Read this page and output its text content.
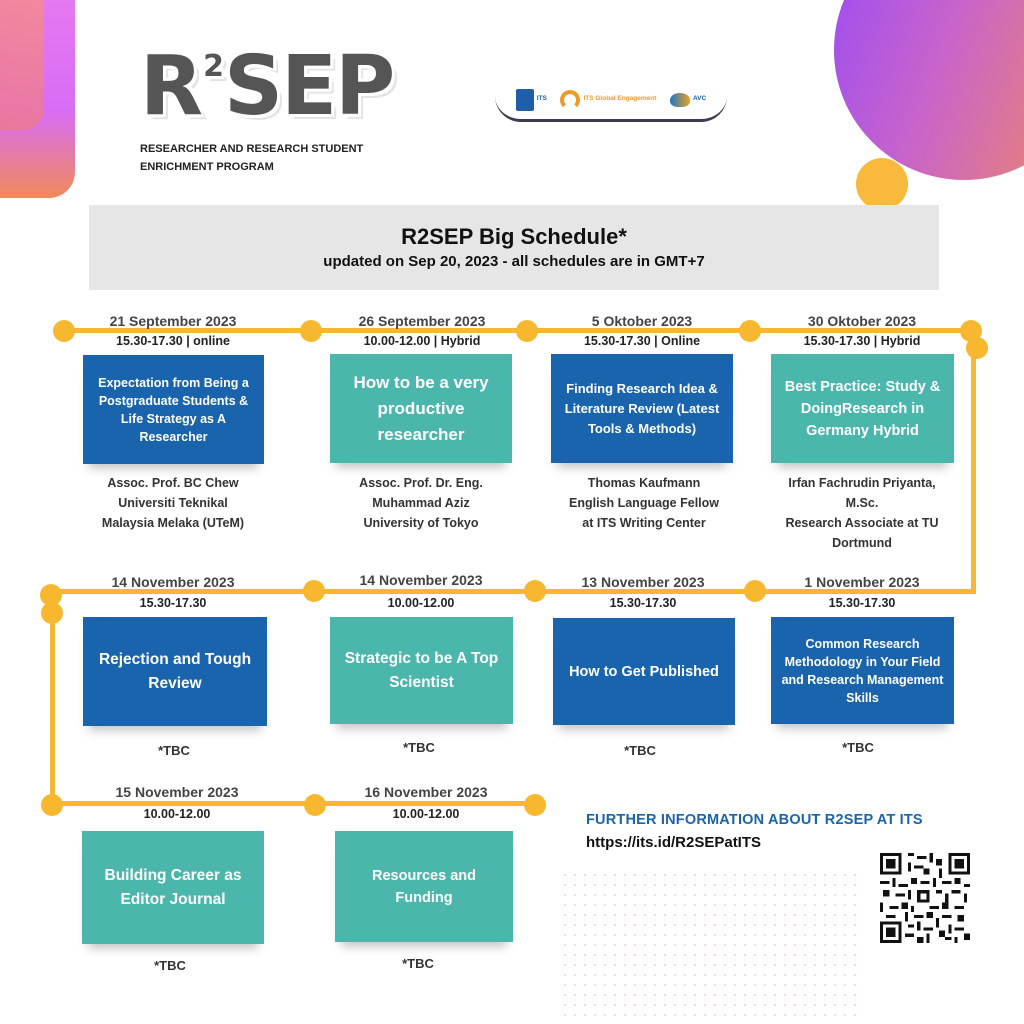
$R^2SEP$
RESEARCHER AND RESEARCH STUDENT ENRICHMENT PROGRAM
ITS	ITS Global Engagement	AVC
R2SEP Big Schedule*
updated on Sep 20, 2023 - all schedules are in GMT+7
21 September 2023
15.30-17.30 | online
Expectation from Being a Postgraduate Students & Life Strategy as A Researcher
Assoc. Prof. BC Chew
Universiti Teknikal
Malaysia Melaka (UTeM)
26 September 2023
10.00-12.00 | Hybrid
How to be a very productive researcher
Assoc. Prof. Dr. Eng.
Muhammad Aziz
University of Tokyo
5 Oktober 2023
15.30-17.30 | Online
Finding Research Idea & Literature Review (Latest Tools & Methods)
Thomas Kaufmann
English Language Fellow
at ITS Writing Center
30 Oktober 2023
15.30-17.30 | Hybrid
Best Practice: Study & DoingResearch in Germany Hybrid
Irfan Fachrudin Priyanta,
M.Sc.
Research Associate at TU
Dortmund
14 November 2023
15.30-17.30
Rejection and Tough Review
*TBC
14 November 2023
10.00-12.00
Strategic to be A Top Scientist
*TBC
13 November 2023
15.30-17.30
How to Get Published
*TBC
1 November 2023
15.30-17.30
Common Research Methodology in Your Field and Research Management Skills
*TBC
15 November 2023
10.00-12.00
Building Career as Editor Journal
*TBC
16 November 2023
10.00-12.00
Resources and Funding
*TBC
FURTHER INFORMATION ABOUT R2SEP AT ITS
https://its.id/R2SEPatITS
